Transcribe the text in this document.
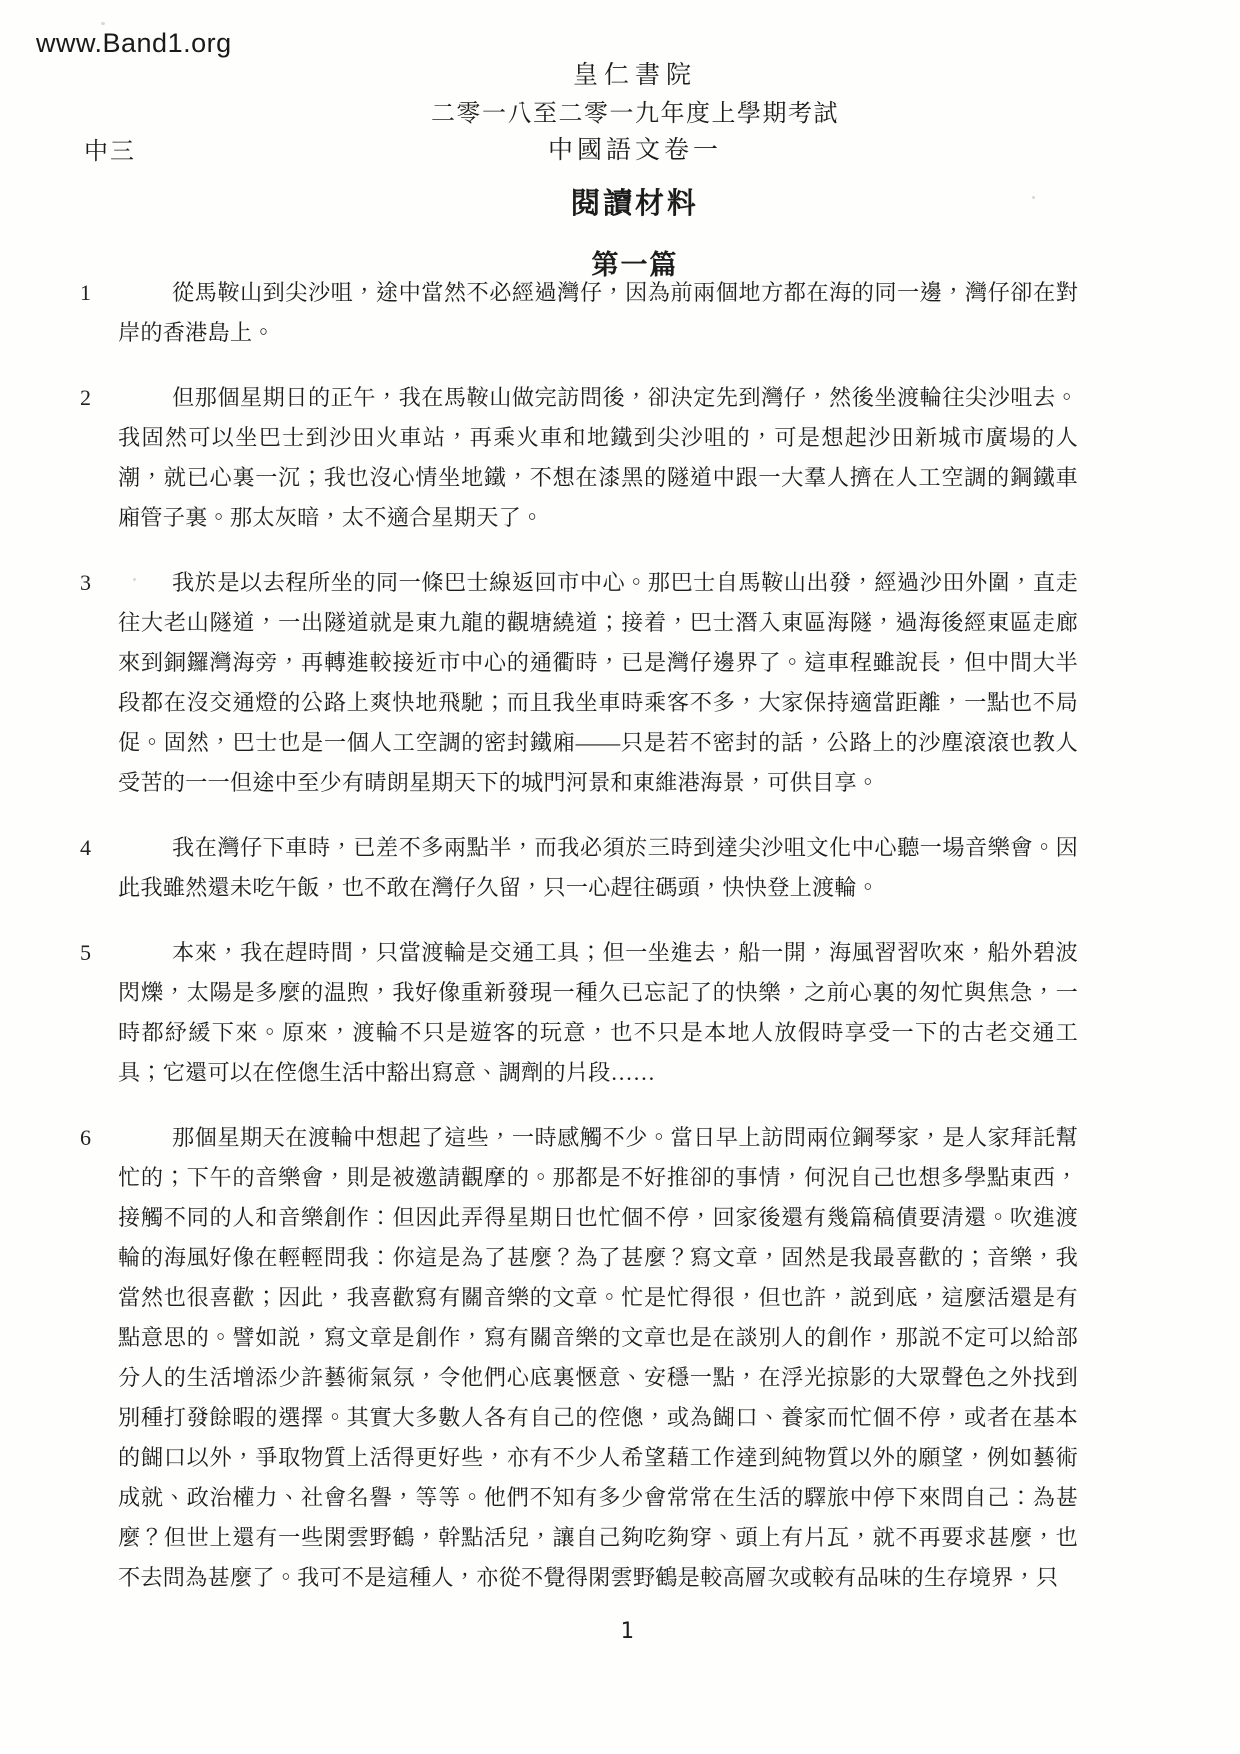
www.Band1.org
皇仁書院
二零一八至二零一九年度上學期考試
中三	中國語文卷一
閱讀材料
第一篇
1	從馬鞍山到尖沙咀，途中當然不必經過灣仔，因為前兩個地方都在海的同一邊，灣仔卻在對岸的香港島上。
2	但那個星期日的正午，我在馬鞍山做完訪問後，卻決定先到灣仔，然後坐渡輪往尖沙咀去。我固然可以坐巴士到沙田火車站，再乘火車和地鐵到尖沙咀的，可是想起沙田新城市廣場的人潮，就已心裏一沉；我也沒心情坐地鐵，不想在漆黑的隧道中跟一大羣人擠在人工空調的鋼鐵車廂管子裏。那太灰暗，太不適合星期天了。
3	我於是以去程所坐的同一條巴士線返回市中心。那巴士自馬鞍山出發，經過沙田外圍，直走往大老山隧道，一出隧道就是東九龍的觀塘繞道；接着，巴士潛入東區海隧，過海後經東區走廊來到銅鑼灣海旁，再轉進較接近市中心的通衢時，已是灣仔邊界了。這車程雖說長，但中間大半段都在沒交通燈的公路上爽快地飛馳；而且我坐車時乘客不多，大家保持適當距離，一點也不局促。固然，巴士也是一個人工空調的密封鐵廂——只是若不密封的話，公路上的沙塵滾滾也教人受苦的一一但途中至少有晴朗星期天下的城門河景和東維港海景，可供目享。
4	我在灣仔下車時，已差不多兩點半，而我必須於三時到達尖沙咀文化中心聽一場音樂會。因此我雖然還未吃午飯，也不敢在灣仔久留，只一心趕往碼頭，快快登上渡輪。
5	本來，我在趕時間，只當渡輪是交通工具；但一坐進去，船一開，海風習習吹來，船外碧波閃爍，太陽是多麼的温煦，我好像重新發現一種久已忘記了的快樂，之前心裏的匆忙與焦急，一時都紓緩下來。原來，渡輪不只是遊客的玩意，也不只是本地人放假時享受一下的古老交通工具；它還可以在倥傯生活中豁出寫意、調劑的片段……
6	那個星期天在渡輪中想起了這些，一時感觸不少。當日早上訪問兩位鋼琴家，是人家拜託幫忙的；下午的音樂會，則是被邀請觀摩的。那都是不好推卻的事情，何況自己也想多學點東西，接觸不同的人和音樂創作：但因此弄得星期日也忙個不停，回家後還有幾篇稿債要清還。吹進渡輪的海風好像在輕輕問我：你這是為了甚麼？為了甚麼？寫文章，固然是我最喜歡的；音樂，我當然也很喜歡；因此，我喜歡寫有關音樂的文章。忙是忙得很，但也許，説到底，這麼活還是有點意思的。譬如説，寫文章是創作，寫有關音樂的文章也是在談別人的創作，那説不定可以給部分人的生活增添少許藝術氣氛，令他們心底裏愜意、安穩一點，在浮光掠影的大眾聲色之外找到別種打發餘暇的選擇。其實大多數人各有自己的倥傯，或為餬口、養家而忙個不停，或者在基本的餬口以外，爭取物質上活得更好些，亦有不少人希望藉工作達到純物質以外的願望，例如藝術成就、政治權力、社會名譽，等等。他們不知有多少會常常在生活的驛旅中停下來問自己：為甚麼？但世上還有一些閑雲野鶴，幹點活兒，讓自己夠吃夠穿、頭上有片瓦，就不再要求甚麼，也不去問為甚麼了。我可不是這種人，亦從不覺得閑雲野鶴是較高層次或較有品味的生存境界，只
1
